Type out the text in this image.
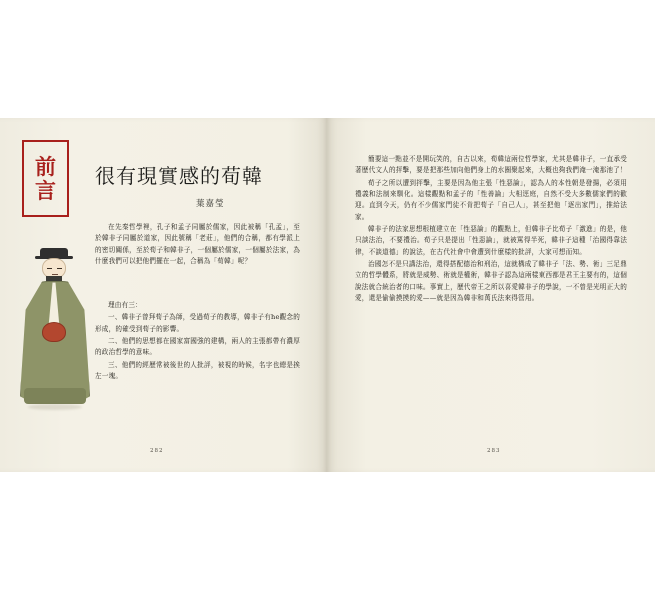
前
言
很有現實感的荀韓
葉嘉瑩

在先秦哲學裡，孔子和孟子同屬於儒家，因此被稱「孔孟」，至於韓非子同屬於道家，因此號稱「老莊」，他們的合稱，都有學派上的密切關係，至於荀子和韓非子，一個屬於儒家，一個屬於法家，為什麼我們可以把他們擺在一起，合稱為「荀韓」呢？

理由有三：

一、韓非子曾拜荀子為師，受過荀子的教導，韓非子有he觀念的形成，的確受到荀子的影響。

二、他們的思想都在國家富國強的建構，兩人的主張都帶有濃厚的政治哲學的意味。

三、他們的經歷常被後世的人批評，被視的時候，名字也總是挨左一塊。

282

簡要這一點並不是開玩笑的，自古以來，荀韓這兩位哲學家，尤其是韓非子，一直承受著歷代文人的抨擊，要是把那些加向他們身上的水圈聚起來，大概也夠我們淹一淹那池了！

荀子之所以遭到抨擊，主要是因為他主張「性惡論」，認為人的本性朝是發揚，必須用禮義和法制來馴化。這樣觀點和孟子的「性善論」大相逕庭，自然不受大多數儒家們的歡迎。直到今天，仍有不少儒家門徒不肯把荀子「自己人」，甚至把他「逐出家門」，推給法家。

韓非子的法家思想根植建立在「性惡論」的觀點上，但韓非子比荀子「激進」的是，他只談法治，不要禮治。荀子只是提出「性惡論」，就被罵得半死，韓非子這種「治國得靠法律，不談道德」的說法，在古代社會中會遭到什麼樣的批評，大家可想而知。

治國怎不是只講法治，還得搭配德治和刑治，這就構成了韓非子「法、勢、術」三足鼎立的哲學體系，將就是威勢、術就是權術，韓非子認為這兩樣東西都是君王主要有的，這個說法就合統治者的口味。事實上，歷代帝王之所以喜愛韓非子的學說，一不曾是光明正大的愛，還是偷偷摸摸的愛——就是因為韓非和萬氏法來得管用。

283
